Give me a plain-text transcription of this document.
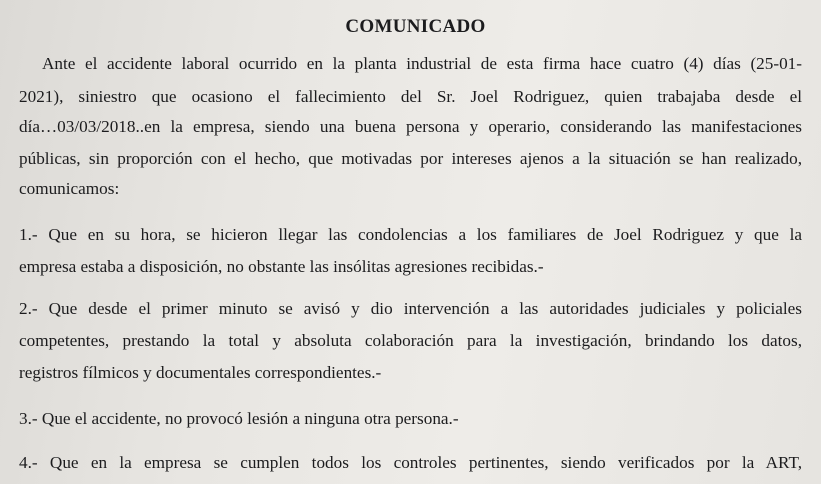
COMUNICADO
Ante el accidente laboral ocurrido en la planta industrial de esta firma hace cuatro (4) días (25-01-
2021), siniestro que ocasiono el fallecimiento del Sr. Joel Rodriguez, quien trabajaba desde el
día…03/03/2018..en la empresa, siendo una buena persona y operario, considerando las manifestaciones
públicas, sin proporción con el hecho, que motivadas por intereses ajenos a la situación se han realizado,
comunicamos:
1.- Que en su hora, se hicieron llegar las condolencias a los familiares de Joel Rodriguez y que la
empresa estaba a disposición, no obstante las insólitas agresiones recibidas.-
2.- Que desde el primer minuto se avisó y dio intervención a las autoridades judiciales y policiales
competentes, prestando la total y absoluta colaboración para la investigación, brindando los datos,
registros fílmicos y documentales correspondientes.-
3.- Que el accidente, no provocó lesión a ninguna otra persona.-
4.- Que en la empresa se cumplen todos los controles pertinentes, siendo verificados por la ART,
